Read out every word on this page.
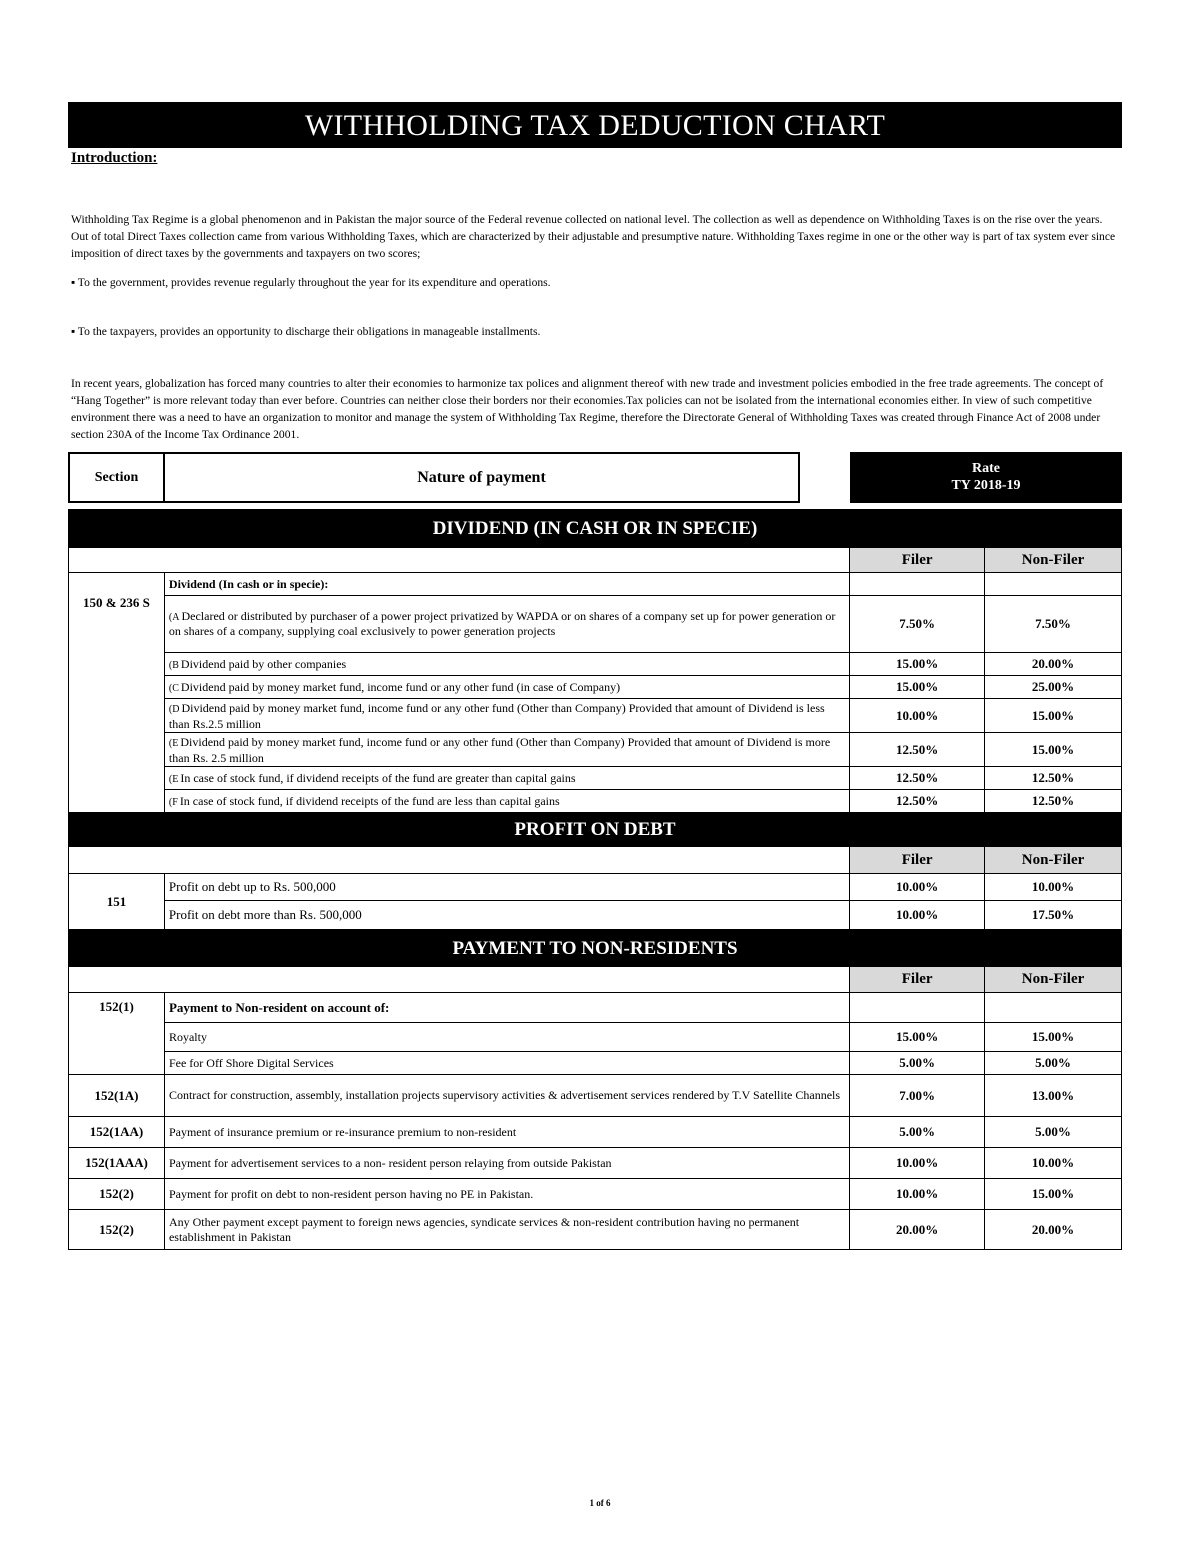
WITHHOLDING TAX DEDUCTION CHART
Introduction:
Withholding Tax Regime is a global phenomenon and in Pakistan the major source of the Federal revenue collected on national level. The collection as well as dependence on Withholding Taxes is on the rise over the years. Out of total Direct Taxes collection came from various Withholding Taxes, which are characterized by their adjustable and presumptive nature. Withholding Taxes regime in one or the other way is part of tax system ever since imposition of direct taxes by the governments and taxpayers on two scores;
▪ To the government, provides revenue regularly throughout the year for its expenditure and operations.
▪ To the taxpayers, provides an opportunity to discharge their obligations in manageable installments.
In recent years, globalization has forced many countries to alter their economies to harmonize tax polices and alignment thereof with new trade and investment policies embodied in the free trade agreements. The concept of “Hang Together” is more relevant today than ever before. Countries can neither close their borders nor their economies.Tax policies can not be isolated from the international economies either. In view of such competitive environment there was a need to have an organization to monitor and manage the system of Withholding Tax Regime, therefore the Directorate General of Withholding Taxes was created through Finance Act of 2008 under section 230A of the Income Tax Ordinance 2001.
Section	Nature of payment	Rate
TY 2018-19
DIVIDEND (IN CASH OR IN SPECIE)			
		Filer	Non-Filer
150 & 236 S	Dividend (In cash or in specie):		
	(A Declared or distributed by purchaser of a power project privatized by WAPDA or on shares of a company set up for power generation or on shares of a company, supplying coal exclusively to power generation projects	7.50%	7.50%
	(B Dividend paid by other companies	15.00%	20.00%
	(C Dividend paid by money market fund, income fund or any other fund (in case of Company)	15.00%	25.00%
	(D Dividend paid by money market fund, income fund or any other fund (Other than Company) Provided that amount of Dividend is less than Rs.2.5 million	10.00%	15.00%
	(E Dividend paid by money market fund, income fund or any other fund (Other than Company) Provided that amount of Dividend is more than Rs. 2.5 million	12.50%	15.00%
	(E In case of stock fund, if dividend receipts of the fund are greater than capital gains	12.50%	12.50%
	(F In case of stock fund, if dividend receipts of the fund are less than capital gains	12.50%	12.50%
PROFIT ON DEBT			
		Filer	Non-Filer
151	Profit on debt up to Rs. 500,000	10.00%	10.00%
	Profit on debt more than Rs. 500,000	10.00%	17.50%
PAYMENT TO NON-RESIDENTS			
		Filer	Non-Filer
152(1)	Payment to Non-resident on account of:		
	Royalty	15.00%	15.00%
	Fee for Off Shore Digital Services	5.00%	5.00%
152(1A)	Contract for construction, assembly, installation projects supervisory activities & advertisement services rendered by T.V Satellite Channels	7.00%	13.00%
152(1AA)	Payment of insurance premium or re-insurance premium to non-resident	5.00%	5.00%
152(1AAA)	Payment for advertisement services to a non- resident person relaying from outside Pakistan	10.00%	10.00%
152(2)	Payment for profit on debt to non-resident person having no PE in Pakistan.	10.00%	15.00%
152(2)	Any Other payment except payment to foreign news agencies, syndicate services & non-resident contribution having no permanent establishment in Pakistan	20.00%	20.00%
1 of 6
